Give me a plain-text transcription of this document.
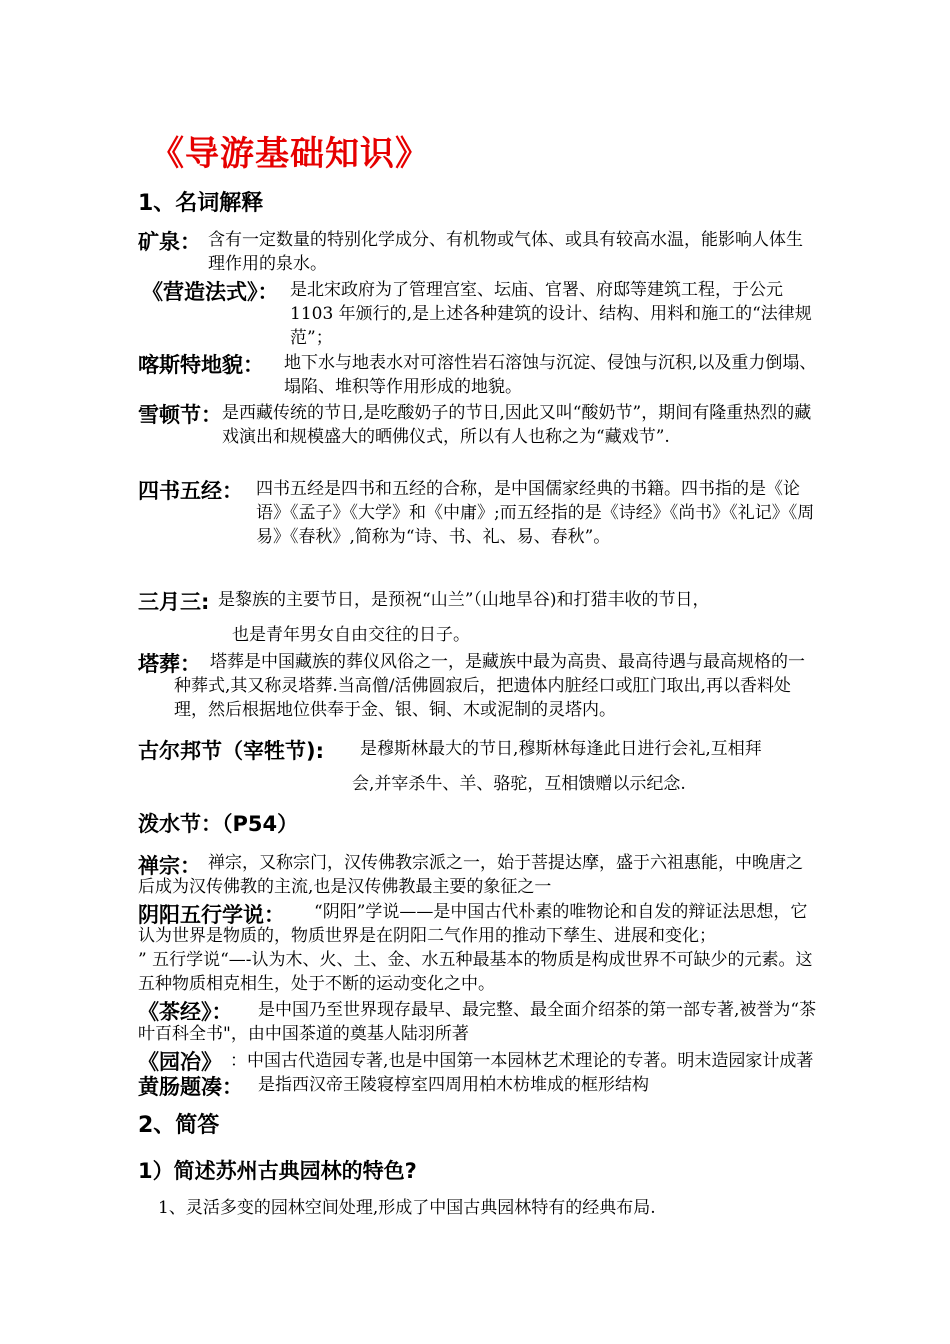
《导游基础知识》
1、名词解释
矿泉： 含有一定数量的特别化学成分、有机物或气体、或具有较高水温，能影响人体生理作用的泉水。
《营造法式》： 是北宋政府为了管理宫室、坛庙、官署、府邸等建筑工程，于公元 1103 年颁行的,是上述各种建筑的设计、结构、用料和施工的“法律规范”；
喀斯特地貌：	地下水与地表水对可溶性岩石溶蚀与沉淀、侵蚀与沉积,以及重力倒塌、塌陷、堆积等作用形成的地貌。
雪顿节： 是西藏传统的节日,是吃酸奶子的节日,因此又叫“酸奶节”，期间有隆重热烈的藏戏演出和规模盛大的晒佛仪式，所以有人也称之为“藏戏节”.
四书五经： 四书五经是四书和五经的合称，是中国儒家经典的书籍。四书指的是《论语》《孟子》《大学》和《中庸》;而五经指的是《诗经》《尚书》《礼记》《周易》《春秋》,简称为“诗、书、礼、易、春秋”。
三月三: 是黎族的主要节日，是预祝“山兰”（山地旱谷)和打猎丰收的节日，
也是青年男女自由交往的日子。
塔葬： 塔葬是中国藏族的葬仪风俗之一，是藏族中最为高贵、最高待遇与最高规格的一种葬式,其又称灵塔葬.当高僧/活佛圆寂后，把遗体内脏经口或肛门取出,再以香料处理，然后根据地位供奉于金、银、铜、木或泥制的灵塔内。
古尔邦节（宰牲节):	是穆斯林最大的节日,穆斯林每逢此日进行会礼,互相拜
会,并宰杀牛、羊、骆驼，互相馈赠以示纪念.
泼水节：（P54）
禅宗： 禅宗，又称宗门，汉传佛教宗派之一，始于菩提达摩，盛于六祖惠能，中晚唐之后成为汉传佛教的主流,也是汉传佛教最主要的象征之一
阴阳五行学说：	“阴阳”学说——是中国古代朴素的唯物论和自发的辩证法思想，它认为世界是物质的，物质世界是在阴阳二气作用的推动下孳生、进展和变化；
” 五行学说“—-认为木、火、土、金、水五种最基本的物质是构成世界不可缺少的元素。这五种物质相克相生，处于不断的运动变化之中。
《茶经》：	是中国乃至世界现存最早、最完整、最全面介绍茶的第一部专著,被誉为“茶叶百科全书"，由中国茶道的奠基人陆羽所著
《园冶》 ：中国古代造园专著,也是中国第一本园林艺术理论的专著。明末造园家计成著
黄肠题凑： 是指西汉帝王陵寝椁室四周用柏木枋堆成的框形结构
2、简答
1）简述苏州古典园林的特色?
1、灵活多变的园林空间处理,形成了中国古典园林特有的经典布局.
